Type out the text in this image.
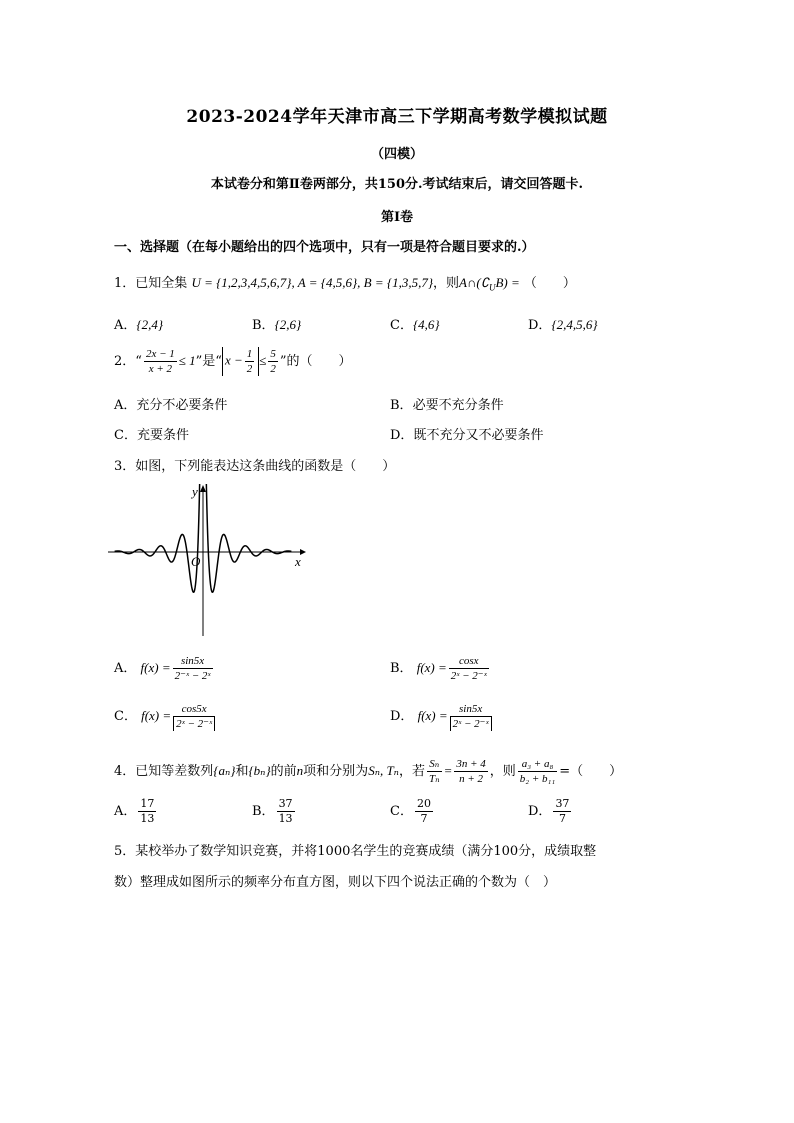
2023-2024学年天津市高三下学期高考数学模拟试题
（四模）
本试卷分和第Ⅱ卷两部分，共150分.考试结束后，请交回答题卡.
第Ⅰ卷
一、选择题（在每小题给出的四个选项中，只有一项是符合题目要求的.）
1．已知全集 U = {1,2,3,4,5,6,7}, A = {4,5,6}, B = {1,3,5,7}，则$A\cap(∁_UB)$ = （　　）
A．{2,4}	B．{2,6}	C．{4,6}	D．{2,4,5,6}
2．“ $\frac{2x - 1}{x + 2} \le 1$”是“ $x - \frac{1}{2} \le \frac{5}{2}$ ”的（　　）
A．充分不必要条件	B．必要不充分条件
C．充要条件	D．既不充分又不必要条件
3．如图，下列能表达这条曲线的函数是（　　）
y
x
O
A． $f(x) = \frac{\sin 5x}{\text{2⁻ˣ − 2ˣ}}$	B． $f(x) = \frac{\cos x}{\text{2ˣ − 2⁻ˣ}}$
C． $f(x) = \frac{\cos 5x}{\text{2ˣ − 2⁻ˣ}}$	D． $f(x) = \frac{\sin 5x}{\text{2ˣ − 2⁻ˣ}}$
4．已知等差数列{aₙ}和{bₙ}的前n项和分别为Sₙ, Tₙ，若 $\frac{\text{Sₙ}}{\text{Tₙ}} = \frac{3n + 4}{n + 2}$ ，则 $\frac{\text{a₃ + a₈}}{\text{b₂ + b₁₁}}$ =（　　）
A． $\frac{17}{13}$	B． $\frac{37}{13}$	C． $\frac{20}{7}$	D． $\frac{37}{7}$
5．某校举办了数学知识竞赛，并将1000名学生的竞赛成绩（满分100分，成绩取整
数）整理成如图所示的频率分布直方图，则以下四个说法正确的个数为（　）
